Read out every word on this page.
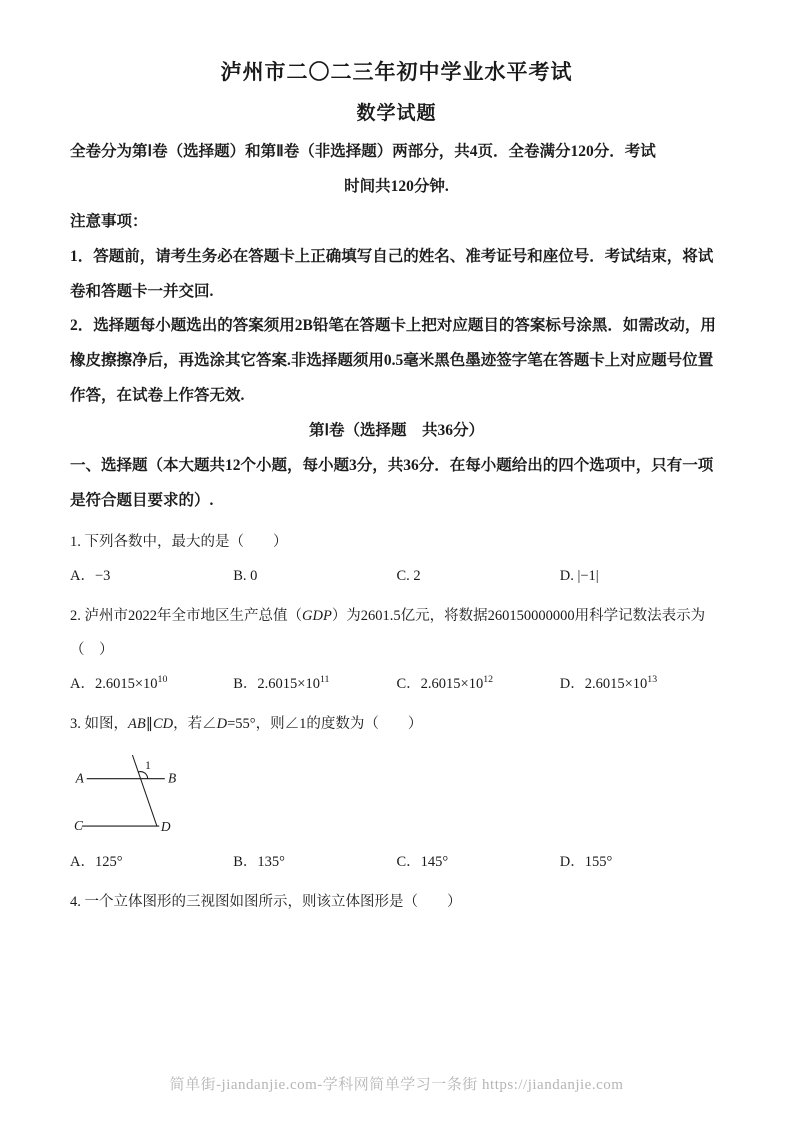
泸州市二〇二三年初中学业水平考试
数学试题

全卷分为第Ⅰ卷（选择题）和第Ⅱ卷（非选择题）两部分，共4页．全卷满分120分．考试
时间共120分钟.

注意事项：

1．答题前，请考生务必在答题卡上正确填写自己的姓名、准考证号和座位号．考试结束，将试卷和答题卡一并交回.

2．选择题每小题选出的答案须用2B铅笔在答题卡上把对应题目的答案标号涂黑．如需改动，用橡皮擦擦净后，再选涂其它答案.非选择题须用0.5毫米黑色墨迹签字笔在答题卡上对应题号位置作答，在试卷上作答无效.

第Ⅰ卷（选择题　共36分）

一、选择题（本大题共12个小题，每小题3分，共36分．在每小题给出的四个选项中，只有一项是符合题目要求的）.

1. 下列各数中，最大的是（　　）

A．−3	B. 0	C. 2	D. |−1|

2. 泸州市2022年全市地区生产总值（GDP）为2601.5亿元，将数据260150000000用科学记数法表示为

（　）

A．$2.6015\times 10^{10}$	B．$2.6015\times 10^{11}$	C．$2.6015\times 10^{12}$	D．$2.6015\times 10^{13}$

3. 如图，AB∥CD，若∠D=55°，则∠1的度数为（　　）

A	B
C	D
1
A．125°	B．135°	C．145°	D．155°

4. 一个立体图形的三视图如图所示，则该立体图形是（　　）

简单街-jiandanjie.com-学科网简单学习一条街 https://jiandanjie.com
